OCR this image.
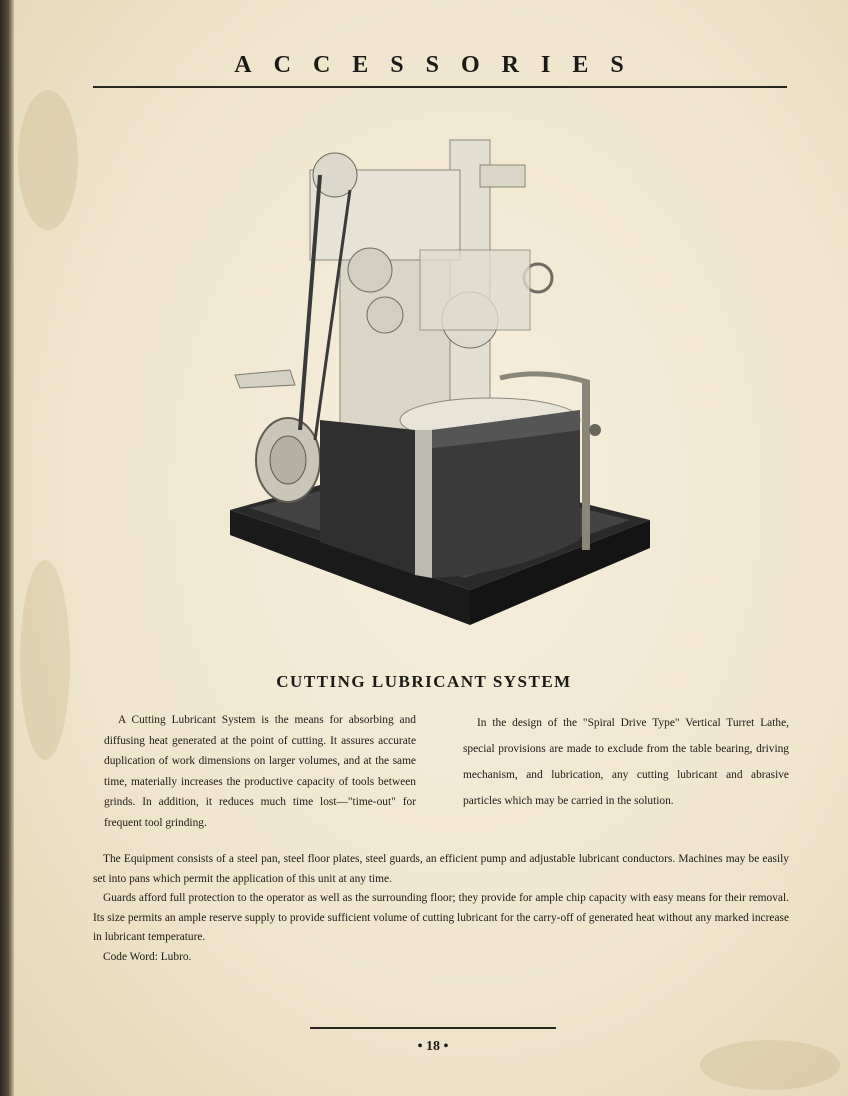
ACCESSORIES
CUTTING LUBRICANT SYSTEM

A Cutting Lubricant System is the means for absorbing and diffusing heat generated at the point of cutting. It assures accurate duplication of work dimensions on larger volumes, and at the same time, materially increases the productive capacity of tools between grinds. In addition, it reduces much time lost—"time-out" for frequent tool grinding.

In the design of the "Spiral Drive Type" Vertical Turret Lathe, special provisions are made to exclude from the table bearing, driving mechanism, and lubrication, any cutting lubricant and abrasive particles which may be carried in the solution.

The Equipment consists of a steel pan, steel floor plates, steel guards, an efficient pump and adjustable lubricant conductors. Machines may be easily set into pans which permit the application of this unit at any time.

Guards afford full protection to the operator as well as the surrounding floor; they provide for ample chip capacity with easy means for their removal. Its size permits an ample reserve supply to provide sufficient volume of cutting lubricant for the carry-off of generated heat without any marked increase in lubricant temperature.

Code Word: Lubro.

• 18 •
